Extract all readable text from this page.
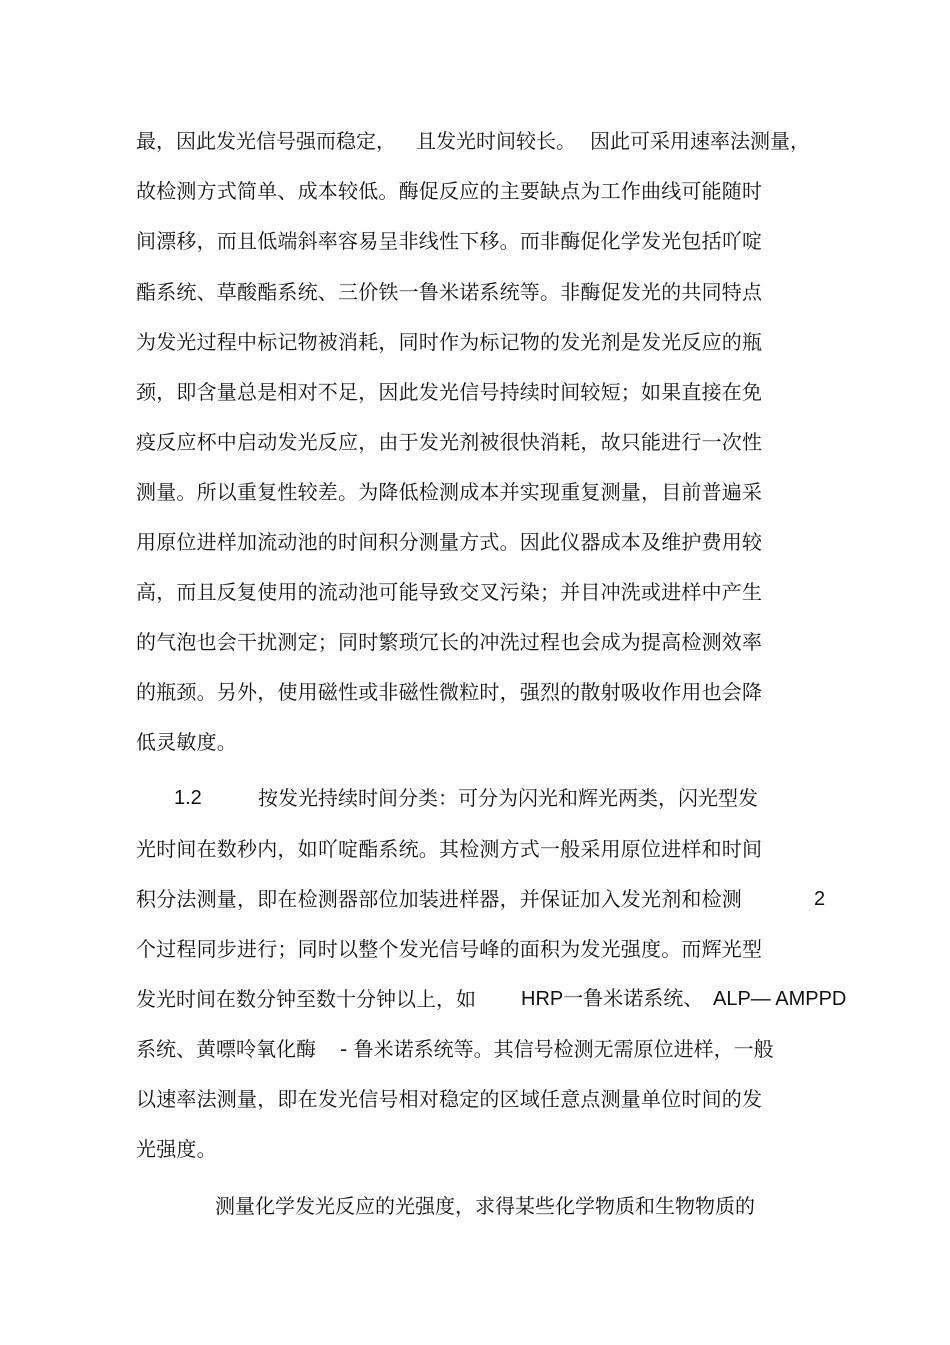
最，因此发光信号强而稳定， 且发光时间较长。 因此可采用速率法测量，
故检测方式简单、成本较低。酶促反应的主要缺点为工作曲线可能随时
间漂移，而且低端斜率容易呈非线性下移。而非酶促化学发光包括吖啶
酯系统、草酸酯系统、三价铁一鲁米诺系统等。非酶促发光的共同特点
为发光过程中标记物被消耗，同时作为标记物的发光剂是发光反应的瓶
颈，即含量总是相对不足，因此发光信号持续时间较短；如果直接在免
疫反应杯中启动发光反应，由于发光剂被很快消耗，故只能进行一次性
测量。所以重复性较差。为降低检测成本并实现重复测量，目前普遍采
用原位进样加流动池的时间积分测量方式。因此仪器成本及维护费用较
高，而且反复使用的流动池可能导致交叉污染；并目冲洗或进样中产生
的气泡也会干扰测定；同时繁琐冗长的冲洗过程也会成为提高检测效率
的瓶颈。另外，使用磁性或非磁性微粒时，强烈的散射吸收作用也会降
低灵敏度。
1.2	按发光持续时间分类：可分为闪光和辉光两类，闪光型发
光时间在数秒内，如吖啶酯系统。其检测方式一般采用原位进样和时间
积分法测量，即在检测器部位加装进样器，并保证加入发光剂和检测	2
个过程同步进行；同时以整个发光信号峰的面积为发光强度。而辉光型
发光时间在数分钟至数十分钟以上，如 HRP一鲁米诺系统、 ALP— AMPPD
系统、黄嘌呤氧化酶 - 鲁米诺系统等。其信号检测无需原位进样，一般
以速率法测量，即在发光信号相对稳定的区域任意点测量单位时间的发
光强度。
测量化学发光反应的光强度，求得某些化学物质和生物物质的
